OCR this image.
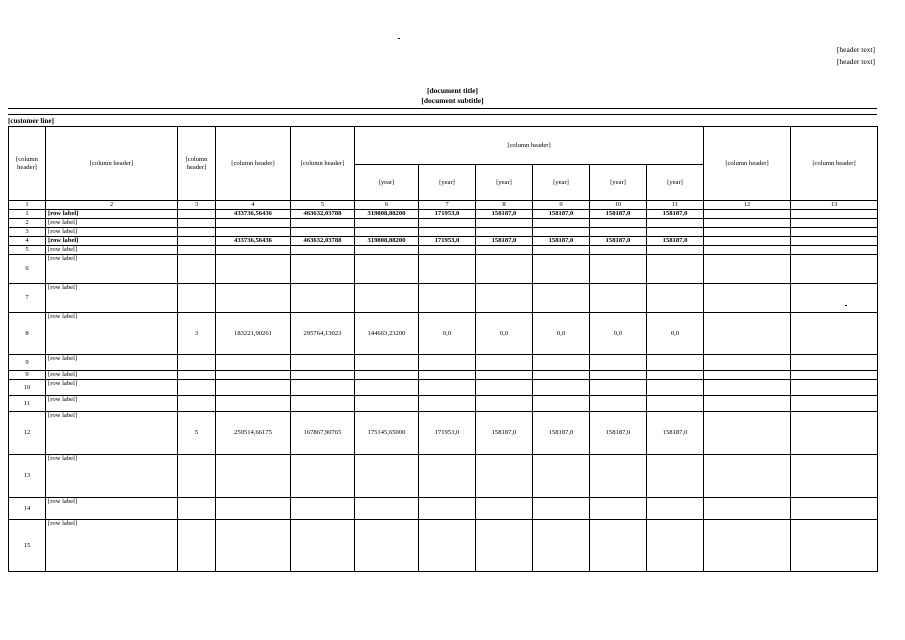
[header text]
[header text]
[document title]
[document subtitle]
[customer line]
[column header]	[column header]	[column header]	[column header]	[column header]	[column header]						[column header]	[column header]
					[year]	[year]	[year]	[year]	[year]	[year]		
1	2	3	4	5	6	7	8	9	10	11	12	13
1	[row label]		433736,56436	463632,03788	319808,88200	171953,0	158187,0	158187,0	158187,0	158187,0		
2	[row label]											
3	[row label]											
4	[row label]		433736,56436	463632,03788	319808,88200	171953,0	158187,0	158187,0	158187,0	158187,0		
5	[row label]											
6	[row label]											
7	[row label]											
8	[row label]	3	183221,90261	295764,13023	144663,23200	0,0	0,0	0,0	0,0	0,0		
9	[row label]											
9	[row label]											
10	[row label]											
11	[row label]											
12	[row label]	5	250514,66175	167867,90765	175145,65000	171953,0	158187,0	158187,0	158187,0	158187,0		
13	[row label]											
14	[row label]											
15	[row label]											
